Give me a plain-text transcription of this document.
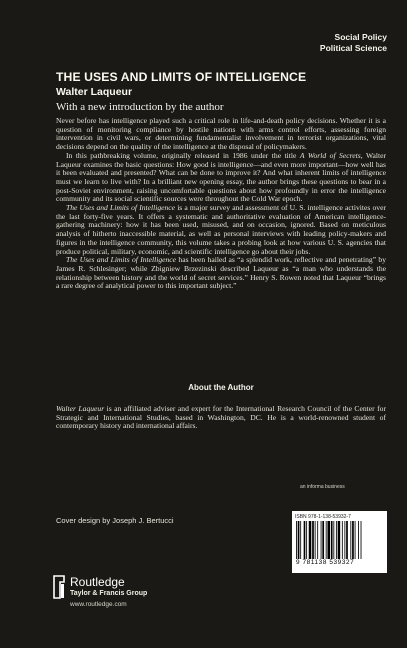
Social Policy
Political Science
THE USES AND LIMITS OF INTELLIGENCE
Walter Laqueur
With a new introduction by the author

Never before has intelligence played such a critical role in life-and-death policy decisions. Whether it is a question of monitoring compliance by hostile nations with arms control efforts, assessing foreign intervention in civil wars, or determining fundamentalist involvement in terrorist organizations, vital decisions depend on the quality of the intelligence at the disposal of policymakers.

In this pathbreaking volume, originally released in 1986 under the title A World of Secrets, Walter Laqueur examines the basic questions: How good is intelligence—and even more important—how well has it been evaluated and presented? What can be done to improve it? And what inherent limits of intelligence must we learn to live with? In a brilliant new opening essay, the author brings these questions to bear in a post-Soviet environment, raising uncomfortable questions about how profoundly in error the intelligence community and its social scientific sources were throughout the Cold War epoch.

The Uses and Limits of Intelligence is a major survey and assessment of U. S. intelligence activites over the last forty-five years. It offers a systematic and authoritative evaluation of American intelligence-gathering machinery: how it has been used, misused, and on occasion, ignored. Based on meticulous analysis of hitherto inaccessible material, as well as personal interviews with leading policy-makers and figures in the intelligence community, this volume takes a probing look at how various U. S. agencies that produce political, military, economic, and scientific intelligence go about their jobs.

The Uses and Limits of Intelligence has been hailed as “a splendid work, reflective and penetrating” by James R. Schlesinger; while Zbigniew Brzezinski described Laqueur as “a man who understands the relationship between history and the world of secret services.” Henry S. Rowen noted that Laqueur “brings a rare degree of analytical power to this important subject.”

About the Author

Walter Laqueur is an affiliated adviser and expert for the International Research Council of the Center for Strategic and International Studies, based in Washington, DC. He is a world-renowned student of contemporary history and international affairs.

an informa business
9 781138 539327
ISBN 978-1-138-53932-7
Cover design by Joseph J. Bertucci
Routledge
Taylor & Francis Group
www.routledge.com
